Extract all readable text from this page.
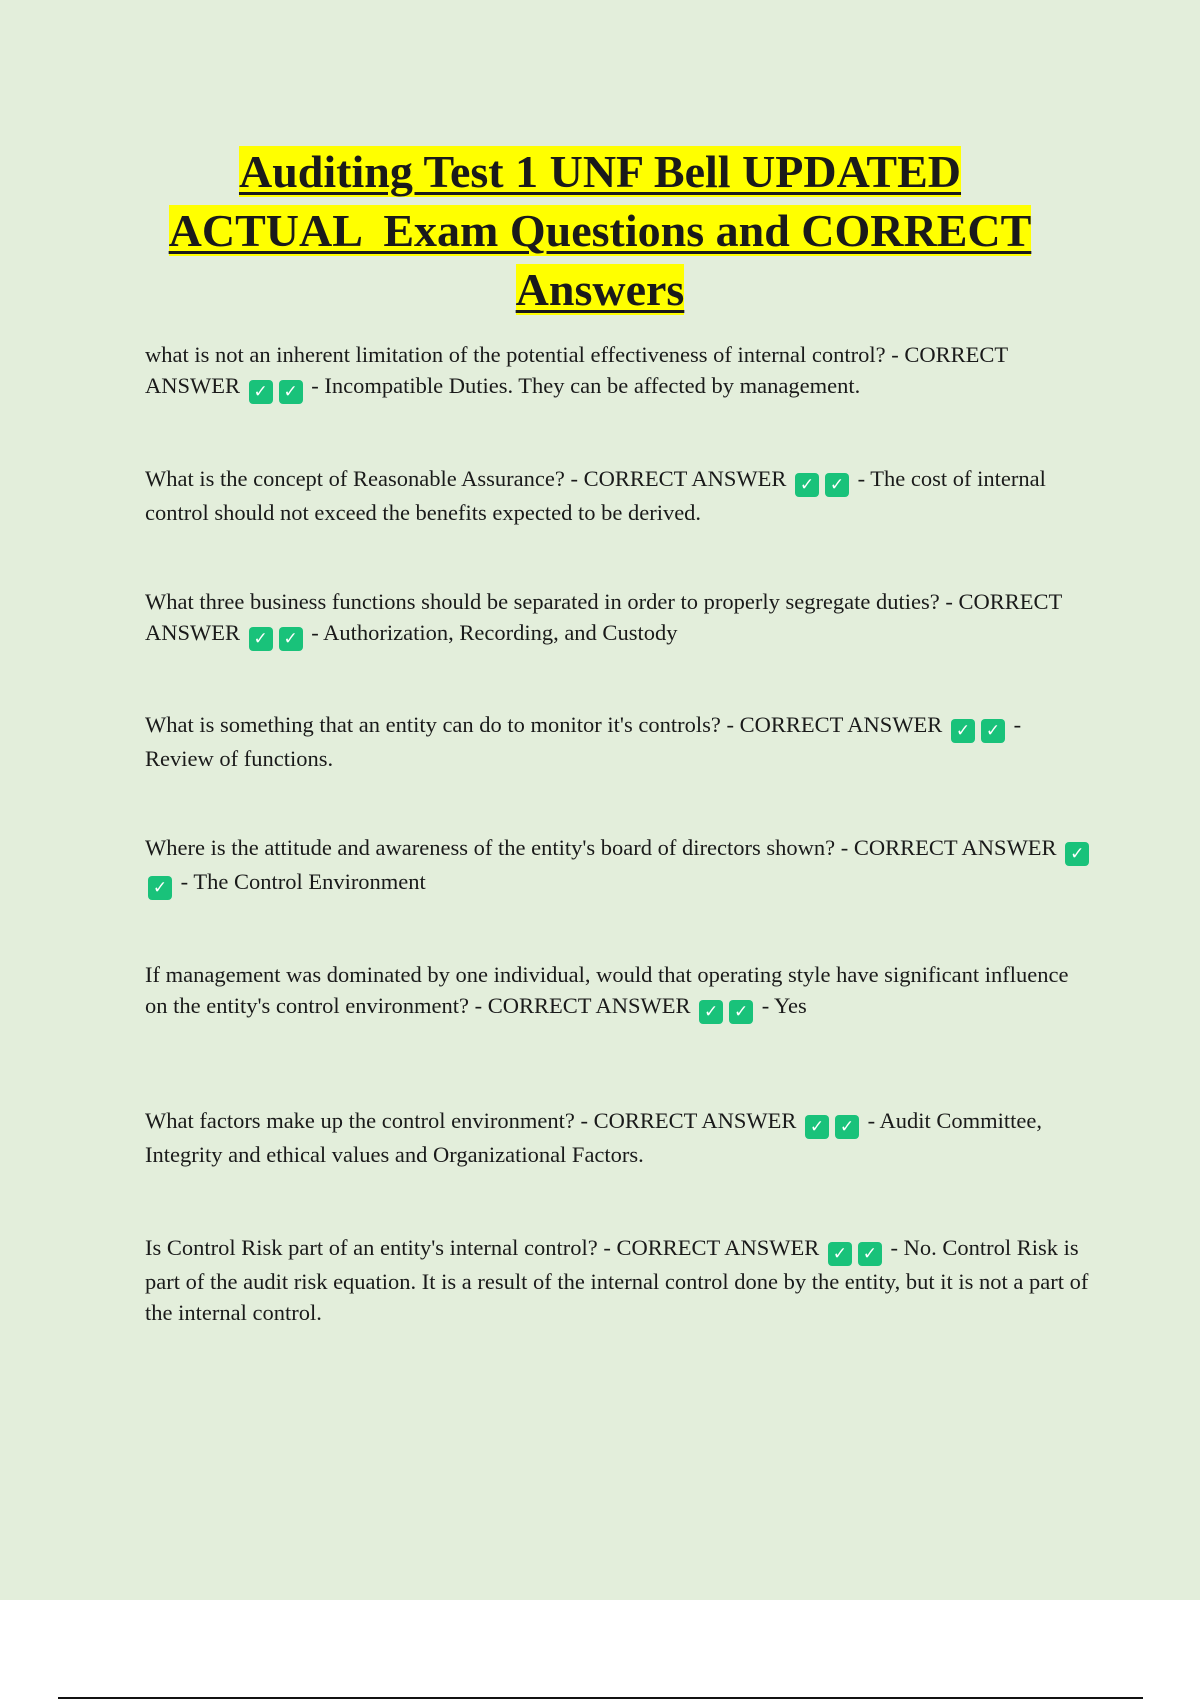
Auditing Test 1 UNF Bell UPDATED
ACTUAL  Exam Questions and CORRECT
Answers

what is not an inherent limitation of the potential effectiveness of internal control? - CORRECT ANSWER ✓ ✓ - Incompatible Duties. They can be affected by management.

What is the concept of Reasonable Assurance? - CORRECT ANSWER ✓ ✓ - The cost of internal control should not exceed the benefits expected to be derived.

What three business functions should be separated in order to properly segregate duties? - CORRECT ANSWER ✓ ✓ - Authorization, Recording, and Custody

What is something that an entity can do to monitor it's controls? - CORRECT ANSWER ✓ ✓ - Review of functions.

Where is the attitude and awareness of the entity's board of directors shown? - CORRECT ANSWER ✓✓ - The Control Environment

If management was dominated by one individual, would that operating style have significant influence on the entity's control environment? - CORRECT ANSWER ✓ ✓ - Yes

What factors make up the control environment? - CORRECT ANSWER ✓ ✓ - Audit Committee, Integrity and ethical values and Organizational Factors.

Is Control Risk part of an entity's internal control? - CORRECT ANSWER ✓ ✓ - No. Control Risk is part of the audit risk equation. It is a result of the internal control done by the entity, but it is not a part of the internal control.
